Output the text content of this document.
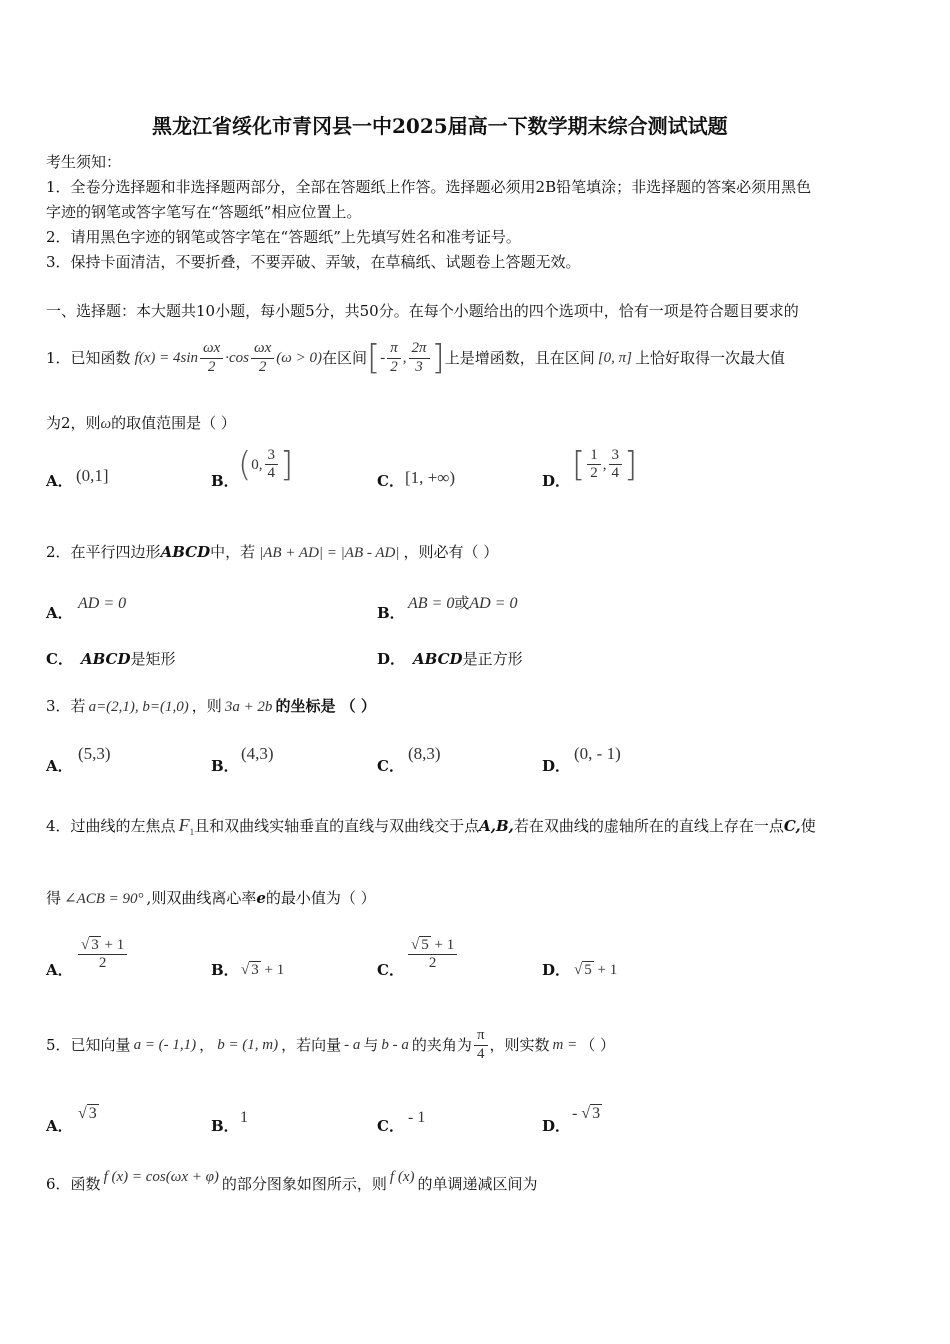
黑龙江省绥化市青冈县一中2025届高一下数学期末综合测试试题
考生须知：
1．全卷分选择题和非选择题两部分，全部在答题纸上作答。选择题必须用2B铅笔填涂；非选择题的答案必须用黑色
字迹的钢笔或答字笔写在“答题纸”相应位置上。
2．请用黑色字迹的钢笔或答字笔在“答题纸”上先填写姓名和准考证号。
3．保持卡面清洁，不要折叠，不要弄破、弄皱，在草稿纸、试题卷上答题无效。
一、选择题：本大题共10小题，每小题5分，共50分。在每个小题给出的四个选项中，恰有一项是符合题目要求的
1． 已知函数 $f(x) = 4\sin \frac{\omega x}{2} \cdot\cos \frac{\omega x}{2} (\omega > 0)$ 在区间 [ - $\frac{\pi}{2}$ , $\frac{2\pi}{3}$ ] 上是增函数，且在区间 [0, π] 上恰好取得一次最大值
为2，则ω的取值范围是（ ）
A． (0,1]	B． ( 0, $\frac{3}{4}$ ]	C． [1, +∞)	D． [ $\frac{1}{2}$ , $\frac{3}{4}$ ]
2．在平行四边形ABCD中，若 |AB + AD| = |AB - AD| ，则必有（ ）
A．
AD = 0
B．
AB = 0或AD = 0
C． ABCD是矩形	D． ABCD是正方形
3．若 a=(2,1), b=(1,0) ，则 3a + 2b 的坐标是 （ ）
A．
(5,3)
B．
(4,3)
C．
(8,3)
D．
(0, - 1)
4．过曲线的左焦点 $F_1$且和双曲线实轴垂直的直线与双曲线交于点A,B,若在双曲线的虚轴所在的直线上存在一点C,使
得 ∠ACB = 90° ,则双曲线离心率e的最小值为（ ）
A． $\frac{√ 3 + 1}{2}$	B． √ 3 + 1	C． $\frac{√ 5 + 1}{2}$	D． √ 5 + 1
5． 已知向量 a = (- 1,1) ， b = (1, m) ，若向量 - a 与 b - a 的夹角为 $\frac{\pi}{4}$ ，则实数 m = （ ）
A．
√ 3
B． 1	C． - 1	D．
- √ 3
6．函数 f (x) = cos(ωx + φ) 的部分图象如图所示，则 f (x) 的单调递减区间为
